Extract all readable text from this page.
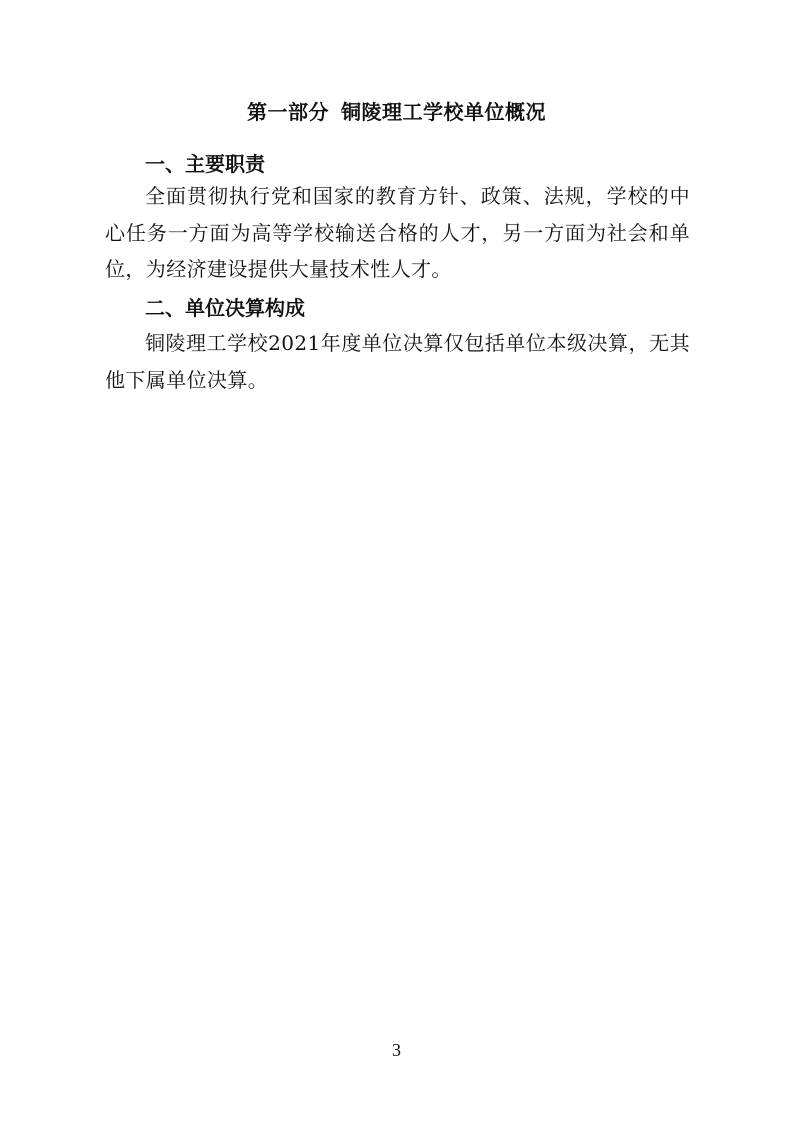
第一部分 铜陵理工学校单位概况
一、主要职责
全面贯彻执行党和国家的教育方针、政策、法规，学校的中心任务一方面为高等学校输送合格的人才，另一方面为社会和单位，为经济建设提供大量技术性人才。
二、单位决算构成
铜陵理工学校2021年度单位决算仅包括单位本级决算，无其他下属单位决算。
3
